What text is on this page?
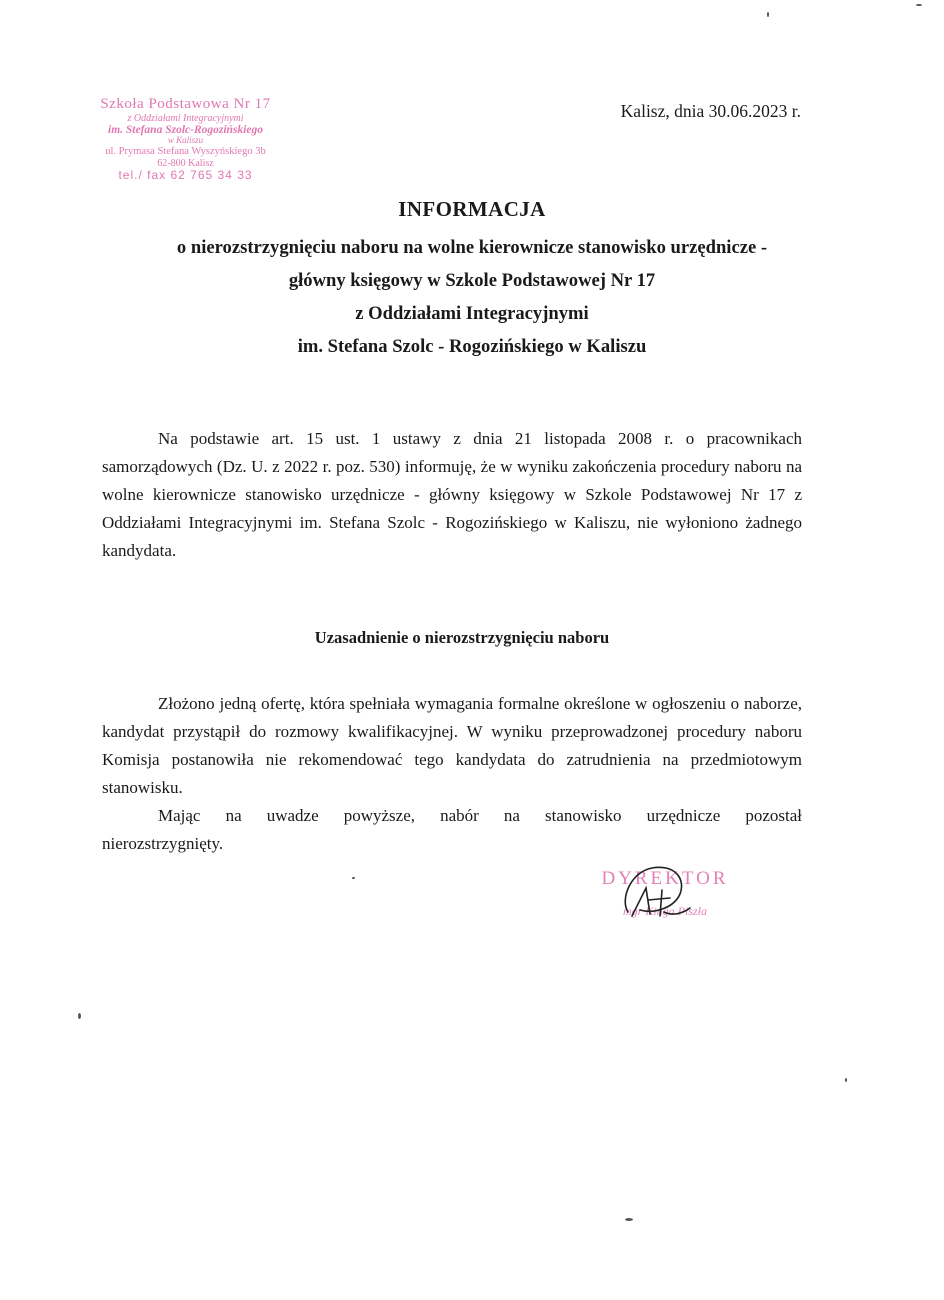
Szkoła Podstawowa Nr 17
z Oddziałami Integracyjnymi
im. Stefana Szolc-Rogozińskiego
w Kaliszu
ul. Prymasa Stefana Wyszyńskiego 3b
62-800 Kalisz
tel./ fax 62 765 34 33
Kalisz, dnia 30.06.2023 r.
INFORMACJA
o nierozstrzygnięciu naboru na wolne kierownicze stanowisko urzędnicze -
główny księgowy w Szkole Podstawowej Nr 17
z Oddziałami Integracyjnymi
im. Stefana Szolc - Rogozińskiego w Kaliszu
Na podstawie art. 15 ust. 1 ustawy z dnia 21 listopada 2008 r. o pracownikach samorządowych (Dz. U. z 2022 r. poz. 530) informuję, że w wyniku zakończenia procedury naboru na wolne kierownicze stanowisko urzędnicze - główny księgowy w Szkole Podstawowej Nr 17 z Oddziałami Integracyjnymi im. Stefana Szolc - Rogozińskiego w Kaliszu, nie wyłoniono żadnego kandydata.
Uzasadnienie o nierozstrzygnięciu naboru

Złożono jedną ofertę, która spełniała wymagania formalne określone w ogłoszeniu o naborze, kandydat przystąpił do rozmowy kwalifikacyjnej. W wyniku przeprowadzonej procedury naboru Komisja postanowiła nie rekomendować tego kandydata do zatrudnienia na przedmiotowym stanowisku.

Mając na uwadze powyższe, nabór na stanowisko urzędnicze pozostał

nierozstrzygnięty.

DYREKTOR
mgr Kinga Piszła
